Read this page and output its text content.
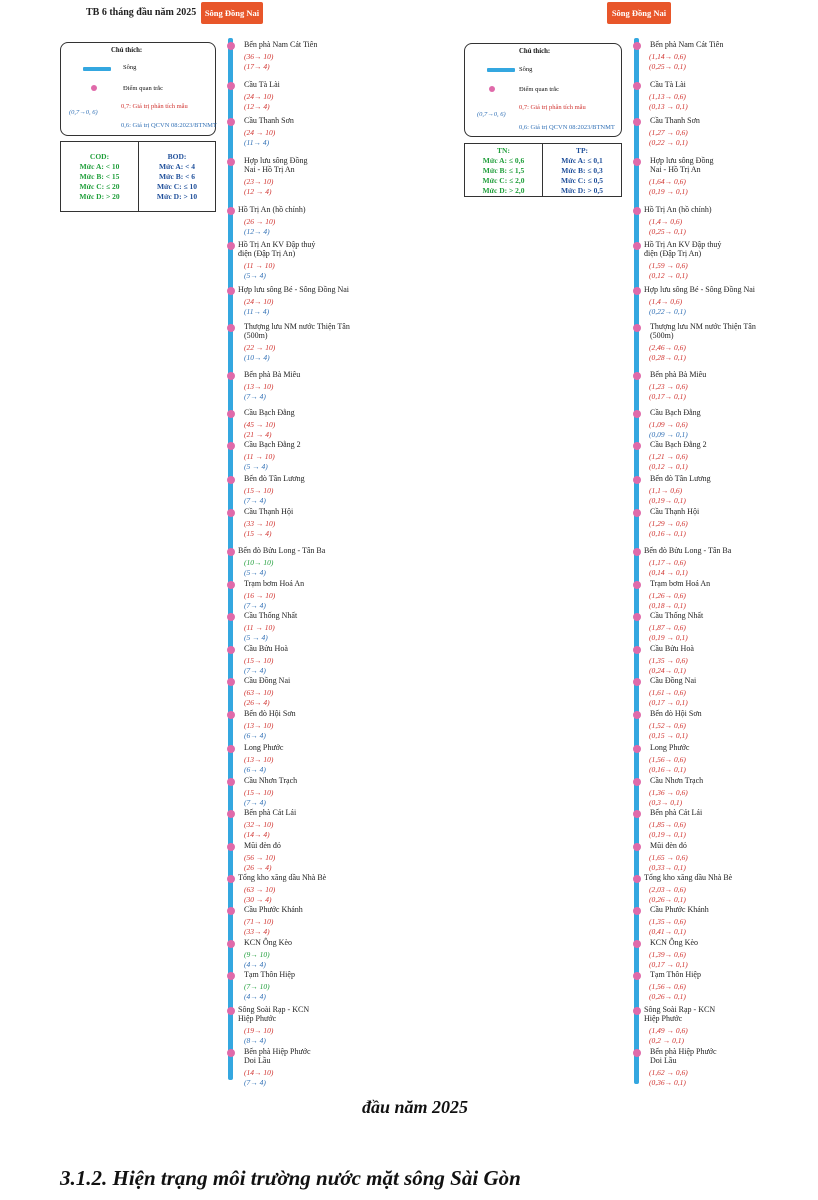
TB 6 tháng đầu năm 2025	Sông Đồng Nai	Sông Đồng Nai
Chú thích:
Sông
Điểm quan trắc
(0,7→0, 6)
0,7: Giá trị phân tích mẫu
0,6: Giá trị QCVN 08:2023/BTNMT
COD:
Mức A: < 10
Mức B: < 15
Mức C: ≤ 20
Mức D: > 20
BOD:
Mức A: < 4
Mức B: < 6
Mức C: ≤ 10
Mức D: > 10
Chú thích:
Sông
Điểm quan trắc
(0,7→0, 6)
0,7: Giá trị phân tích mẫu
0,6: Giá trị QCVN 08:2023/BTNMT
TN:
Mức A: ≤ 0,6
Mức B: ≤ 1,5
Mức C: ≤ 2,0
Mức D: > 2,0
TP:
Mức A: ≤ 0,1
Mức B: ≤ 0,3
Mức C: ≤ 0,5
Mức D: > 0,5
Bến phà Nam Cát Tiên
(36→ 10)
(17→ 4)
Cầu Tà Lài
(24→ 10)
(12→ 4)
Cầu Thanh Sơn
(24 → 10)
(11→ 4)
Hợp lưu sông Đồng
Nai - Hồ Trị An
(23→ 10)
(12 → 4)
Hồ Trị An (hồ chính)
(26 → 10)
(12→ 4)
Hồ Trị An KV Đập thuỷ
điện (Đập Trị An)
(11 → 10)
(5→ 4)
Hợp lưu sông Bé - Sông Đồng Nai
(24→ 10)
(11→ 4)
Thượng lưu NM nước Thiện Tân
(500m)
(22 → 10)
(10→ 4)
Bến phà Bà Miêu
(13→ 10)
(7→ 4)
Cầu Bạch Đằng
(45 → 10)
(21 → 4)
Cầu Bạch Đằng 2
(11 → 10)
(5 → 4)
Bến đò Tân Lương
(15→ 10)
(7→ 4)
Cầu Thạnh Hội
(33 → 10)
(15 → 4)
Bến đò Bửu Long - Tân Ba
(10→ 10)
(5→ 4)
Trạm bơm Hoá An
(16 → 10)
(7→ 4)
Cầu Thống Nhất
(11 → 10)
(5 → 4)
Cầu Bửu Hoà
(15→ 10)
(7→ 4)
Cầu Đồng Nai
(63→ 10)
(26→ 4)
Bến đò Hội Sơn
(13→ 10)
(6→ 4)
Long Phước
(13→ 10)
(6→ 4)
Cầu Nhơn Trạch
(15→ 10)
(7→ 4)
Bến phà Cát Lái
(32→ 10)
(14→ 4)
Mũi đèn đỏ
(56 → 10)
(26 → 4)
Tổng kho xăng dầu Nhà Bè
(63 → 10)
(30 → 4)
Cầu Phước Khánh
(71→ 10)
(33→ 4)
KCN Ông Kèo
(9→ 10)
(4→ 4)
Tạm Thôn Hiệp
(7→ 10)
(4→ 4)
Sông Soài Rạp - KCN
Hiệp Phước
(19→ 10)
(8→ 4)
Bến phà Hiệp Phước
Doi Lầu
(14→ 10)
(7→ 4)
Bến phà Nam Cát Tiên
(1,14→ 0,6)
(0,25→ 0,1)
Cầu Tà Lài
(1,13→ 0,6)
(0,13 → 0,1)
Cầu Thanh Sơn
(1,27 → 0,6)
(0,22 → 0,1)
Hợp lưu sông Đồng
Nai - Hồ Trị An
(1,64→ 0,6)
(0,19 → 0,1)
Hồ Trị An (hồ chính)
(1,4→ 0,6)
(0,25→ 0,1)
Hồ Trị An KV Đập thuỷ
điện (Đập Trị An)
(1,59 → 0,6)
(0,12 → 0,1)
Hợp lưu sông Bé - Sông Đồng Nai
(1,4→ 0,6)
(0,22→ 0,1)
Thượng lưu NM nước Thiện Tân
(500m)
(2,46→ 0,6)
(0,28→ 0,1)
Bến phà Bà Miêu
(1,23 → 0,6)
(0,17→ 0,1)
Cầu Bạch Đằng
(1,09 → 0,6)
(0,09 → 0,1)
Cầu Bạch Đằng 2
(1,21 → 0,6)
(0,12 → 0,1)
Bến đò Tân Lương
(1,1→ 0,6)
(0,19→ 0,1)
Cầu Thạnh Hội
(1,29 → 0,6)
(0,16→ 0,1)
Bến đò Bửu Long - Tân Ba
(1,17→ 0,6)
(0,14 → 0,1)
Trạm bơm Hoá An
(1,26→ 0,6)
(0,18→ 0,1)
Cầu Thống Nhất
(1,87→ 0,6)
(0,19 → 0,1)
Cầu Bửu Hoà
(1,35 → 0,6)
(0,24→ 0,1)
Cầu Đồng Nai
(1,61→ 0,6)
(0,17 → 0,1)
Bến đò Hội Sơn
(1,52→ 0,6)
(0,15 → 0,1)
Long Phước
(1,56→ 0,6)
(0,16→ 0,1)
Cầu Nhơn Trạch
(1,36 → 0,6)
(0,3→ 0,1)
Bến phà Cát Lái
(1,85→ 0,6)
(0,19→ 0,1)
Mũi đèn đỏ
(1,65 → 0,6)
(0,33→ 0,1)
Tổng kho xăng dầu Nhà Bè
(2,03→ 0,6)
(0,26→ 0,1)
Cầu Phước Khánh
(1,35→ 0,6)
(0,41→ 0,1)
KCN Ông Kèo
(1,39→ 0,6)
(0,17 → 0,1)
Tạm Thôn Hiệp
(1,56→ 0,6)
(0,26→ 0,1)
Sông Soài Rạp - KCN
Hiệp Phước
(1,49 → 0,6)
(0,2 → 0,1)
Bến phà Hiệp Phước
Doi Lầu
(1,62 → 0,6)
(0,36→ 0,1)
đầu năm 2025
3.1.2. Hiện trạng môi trường nước mặt sông Sài Gòn
